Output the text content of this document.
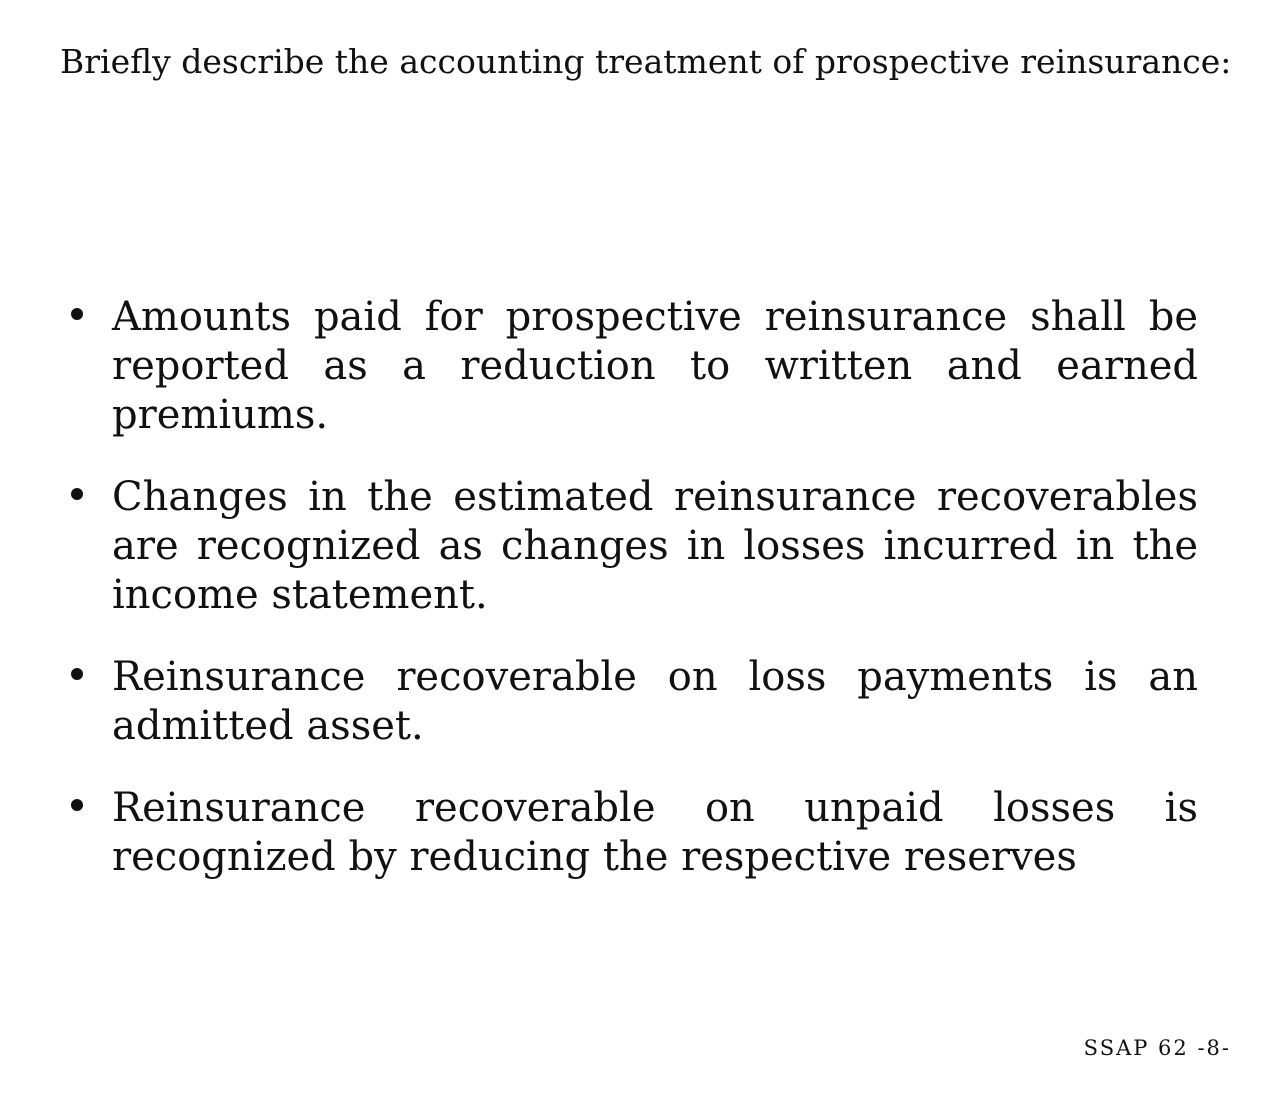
Briefly describe the accounting treatment of prospective reinsurance:
Amounts paid for prospective reinsurance shall be reported as a reduction to written and earned premiums.
Changes in the estimated reinsurance recoverables are recognized as changes in losses incurred in the income statement.
Reinsurance recoverable on loss payments is an admitted asset.
Reinsurance recoverable on unpaid losses is recognized by reducing the respective reserves
SSAP 62 -8-
